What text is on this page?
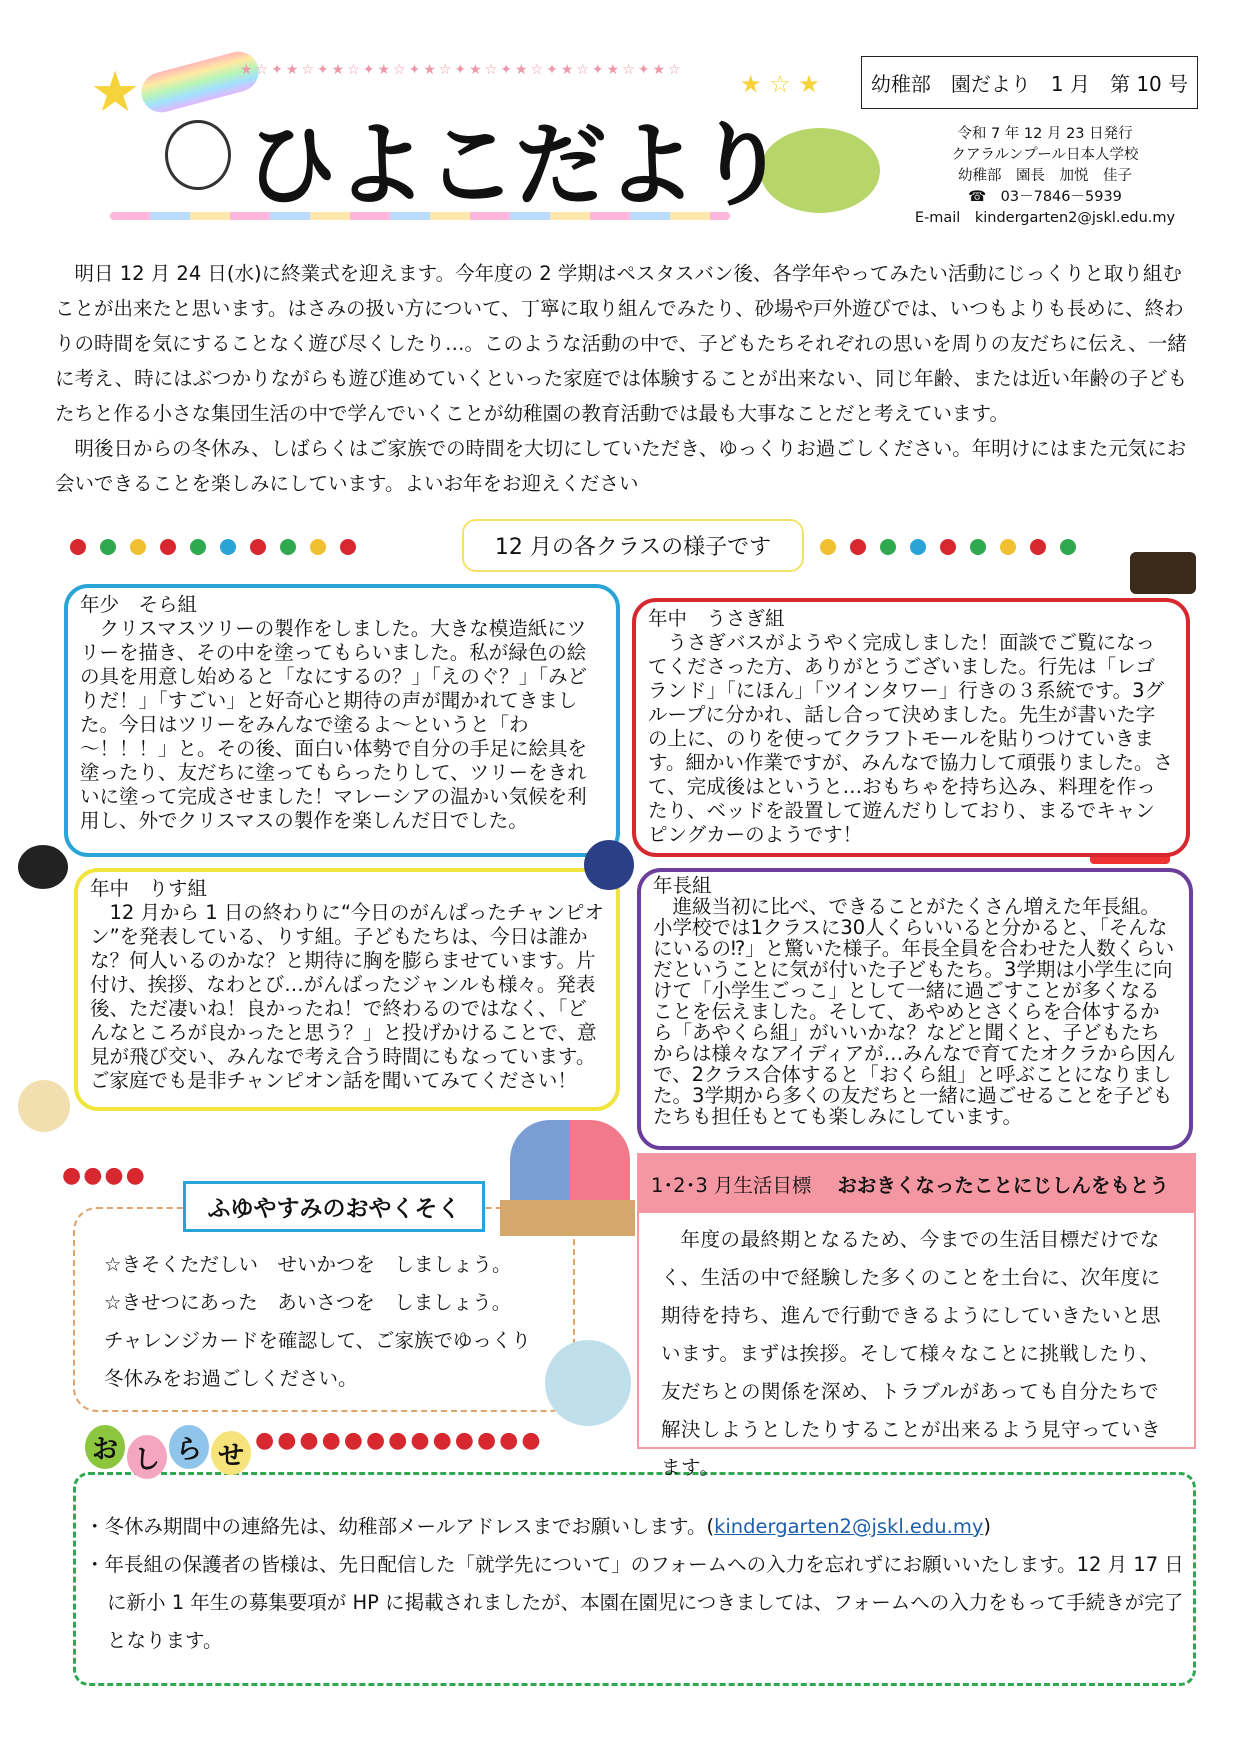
★	★☆✦★☆✦★☆✦★☆✦★☆✦★☆✦★☆✦★☆✦★☆✦★☆	★ ☆ ★
ひよこだより
幼稚部　園だより　1 月　第 10 号
令和 7 年 12 月 23 日発行
クアラルンプール日本人学校
幼稚部　園長　加悦　佳子
☎　03－7846－5939
E-mail　kindergarten2@jskl.edu.my

明日 12 月 24 日(水)に終業式を迎えます。今年度の 2 学期はペスタスバン後、各学年やってみたい活動にじっくりと取り組むことが出来たと思います。はさみの扱い方について、丁寧に取り組んでみたり、砂場や戸外遊びでは、いつもよりも長めに、終わりの時間を気にすることなく遊び尽くしたり…。このような活動の中で、子どもたちそれぞれの思いを周りの友だちに伝え、一緒に考え、時にはぶつかりながらも遊び進めていくといった家庭では体験することが出来ない、同じ年齢、または近い年齢の子どもたちと作る小さな集団生活の中で学んでいくことが幼稚園の教育活動では最も大事なことだと考えています。

明後日からの冬休み、しばらくはご家族での時間を大切にしていただき、ゆっくりお過ごしください。年明けにはまた元気にお会いできることを楽しみにしています。よいお年をお迎えください

12 月の各クラスの様子です
年少　そら組
クリスマスツリーの製作をしました。大きな模造紙にツリーを描き、その中を塗ってもらいました。私が緑色の絵の具を用意し始めると「なにするの？」「えのぐ？」「みどりだ！」「すごい」と好奇心と期待の声が聞かれてきました。今日はツリーをみんなで塗るよ～というと「わ～！！！」と。その後、面白い体勢で自分の手足に絵具を塗ったり、友だちに塗ってもらったりして、ツリーをきれいに塗って完成させました！マレーシアの温かい気候を利用し、外でクリスマスの製作を楽しんだ日でした。
年中　うさぎ組
うさぎバスがようやく完成しました！面談でご覧になってくださった方、ありがとうございました。行先は「レゴランド」「にほん」「ツインタワー」行きの３系統です。3グループに分かれ、話し合って決めました。先生が書いた字の上に、のりを使ってクラフトモールを貼りつけていきます。細かい作業ですが、みんなで協力して頑張りました。さて、完成後はというと…おもちゃを持ち込み、料理を作ったり、ベッドを設置して遊んだりしており、まるでキャンピングカーのようです！
年中　りす組
12 月から 1 日の終わりに“今日のがんぱったチャンピオン”を発表している、りす組。子どもたちは、今日は誰かな？何人いるのかな？と期待に胸を膨らませています。片付け、挨拶、なわとび…がんばったジャンルも様々。発表後、ただ凄いね！良かったね！で終わるのではなく、「どんなところが良かったと思う？」と投げかけることで、意見が飛び交い、みんなで考え合う時間にもなっています。ご家庭でも是非チャンピオン話を聞いてみてください！
年長組
進級当初に比べ、できることがたくさん増えた年長組。小学校では1クラスに30人くらいいると分かると、「そんなにいるの⁉」と驚いた様子。年長全員を合わせた人数くらいだということに気が付いた子どもたち。3学期は小学生に向けて「小学生ごっこ」として一緒に過ごすことが多くなることを伝えました。そして、あやめとさくらを合体するから「あやくら組」がいいかな？などと聞くと、子どもたちからは様々なアイディアが…みんなで育てたオクラから因んで、2クラス合体すると「おくら組」と呼ぶことになりました。3学期から多くの友だちと一緒に過ごせることを子どもたちも担任もとても楽しみにしています。
●●●●
ふゆやすみのおやくそく
☆きそくただしい　せいかつを　しましょう。
☆きせつにあった　あいさつを　しましょう。
チャレンジカードを確認して、ご家族でゆっくり
冬休みをお過ごしください。
1･2･3 月生活目標 おおきくなったことにじしんをもとう

年度の最終期となるため、今までの生活目標だけでなく、生活の中で経験した多くのことを土台に、次年度に期待を持ち、進んで行動できるようにしていきたいと思います。まずは挨拶。そして様々なことに挑戦したり、友だちとの関係を深め、トラブルがあっても自分たちで解決しようとしたりすることが出来るよう見守っていきます。

お し ら せ ●●●●●●●●●●●●●
・冬休み期間中の連絡先は、幼稚部メールアドレスまでお願いします。(kindergarten2@jskl.edu.my)
・年長組の保護者の皆様は、先日配信した「就学先について」のフォームへの入力を忘れずにお願いいたします。12 月 17 日に新小 1 年生の募集要項が HP に掲載されましたが、本園在園児につきましては、フォームへの入力をもって手続きが完了となります。
